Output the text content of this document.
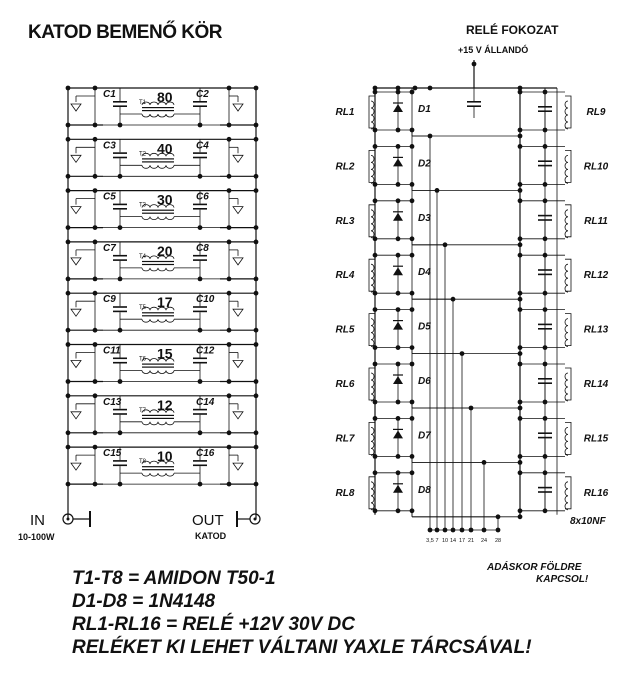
KATOD BEMENŐ KÖR	RELÉ FOKOZAT
+15 V ÁLLANDÓ
C1	C2
T1 80
C3	C4
T2 40
C5	C6
T3 30
C7	C8
T4 20
C9	C10
T5 17
C11	C12
T6 15
C13	C14
T7 12
C15	C16
T8 10
IN
10-100W
OUT
KATOD
RL1	D1
3,5
RL9
RL2	D2
7
RL10
RL3	D3
10
RL11
RL4	D4
14
RL12
RL5	D5
17
RL13
RL6	D6
21
RL14
RL7	D7
24
RL15
RL8	D8
28
RL16
8x10NF
ADÁSKOR FÖLDRE
KAPCSOL!
T1-T8 = AMIDON T50-1
D1-D8 = 1N4148
RL1-RL16 = RELÉ +12V 30V DC
RELÉKET KI LEHET VÁLTANI YAXLE TÁRCSÁVAL!
